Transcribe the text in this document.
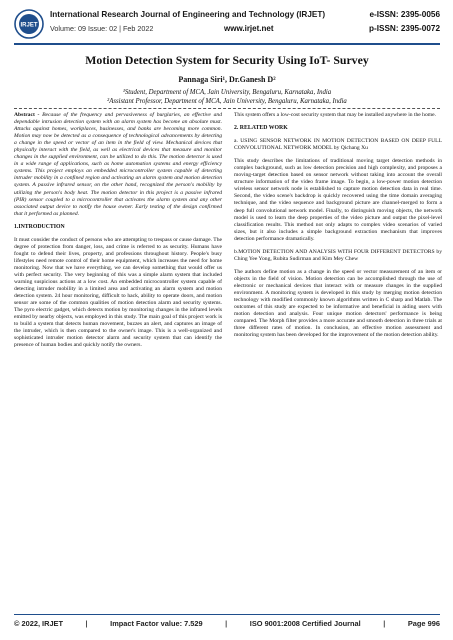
IRJET
International Research Journal of Engineering and Technology (IRJET)	e-ISSN: 2395-0056
Volume: 09 Issue: 02 | Feb 2022	www.irjet.net	p-ISSN: 2395-0072
Motion Detection System for Security Using IoT- Survey
Pannaga Siri¹, Dr.Ganesh D²
¹Student, Department of MCA, Jain University, Bengaluru, Karnataka, India
²Assistant Professor, Department of MCA, Jain University, Bengaluru, Karnataka, India

Abstract - Because of the frequency and pervasiveness of burglaries, an effective and dependable intrusion detection system with an alarm system has become an absolute must. Attacks against homes, workplaces, businesses, and banks are becoming more common. Motion may now be detected as a consequence of technological advancements by detecting a change in the speed or vector of an item in the field of view. Mechanical devices that physically interact with the field, as well as electrical devices that measure and monitor changes in the supplied environment, can be utilized to do this. The motion detector is used in a wide range of applications, such as home automation systems and energy efficiency systems. This project employs an embedded microcontroller system capable of detecting intruder mobility in a confined region and activating an alarm system and motion detection system. A passive infrared sensor, on the other hand, recognized the person's mobility by utilizing the person's body heat. The motion detector in this project is a passive infrared (PIR) sensor coupled to a microcontroller that activates the alarm system and any other associated output device to notify the house owner. Early testing of the design confirmed that it performed as planned.

1.INTRODUCTION

It must consider the conduct of persons who are attempting to trespass or cause damage. The degree of protection from danger, loss, and crime is referred to as security. Humans have fought to defend their lives, property, and professions throughout history. People's busy lifestyles need remote control of their home equipment, which increases the need for home monitoring. Now that we have everything, we can develop something that would offer us with perfect security. The very beginning of this was a simple alarm system that included warning suspicious actions at a low cost. An embedded microcontroller system capable of detecting intruder mobility in a limited area and activating an alarm system and motion detection system. 24 hour monitoring, difficult to hack, ability to operate doors, and motion sensor are some of the common qualities of motion detection alarm and security systems. The pyro electric gadget, which detects motion by monitoring changes in the infrared levels emitted by nearby objects, was employed in this study. The main goal of this project work is to build a system that detects human movement, buzzes an alert, and captures an image of the intruder, which is then compared to the owner's image. This is a well-organized and sophisticated intruder motion detector alarm and security system that can identify the presence of human bodies and quickly notify the owners.

This system offers a low-cost security system that may be installed anywhere in the home.

2. RELATED WORK

a. USING SENSOR NETWORK IN MOTION DETECTION BASED ON DEEP FULL CONVOLUTIONAL NETWORK MODEL by Qichang Xu

This study describes the limitations of traditional moving target detection methods in complex background, such as low detection precision and high complexity, and proposes a moving-target detection based on sensor network without taking into account the overall structure information of the video frame image. To begin, a low-power motion detection wireless sensor network node is established to capture motion detection data in real time. Second, the video scene's backdrop is quickly recovered using the time domain averaging technique, and the video sequence and background picture are channel-merged to form a deep full convolutional network model. Finally, to distinguish moving objects, the network model is used to learn the deep properties of the video picture and output the pixel-level classification results. This method not only adapts to complex video scenarios of varied sizes, but it also includes a simple background extraction mechanism that improves detection performance dramatically.

b.MOTION DETECTION AND ANALYSIS WITH FOUR DIFFERENT DETECTORS by Ching Yee Yong, Rubita Sudirman and Kim Mey Chew

The authors define motion as a change in the speed or vector measurement of an item or objects in the field of vision. Motion detection can be accomplished through the use of electronic or mechanical devices that interact with or measure changes in the supplied environment. A monitoring system is developed in this study by merging motion detection technology with modified commonly known algorithms written in C sharp and Matlab. The outcomes of this study are expected to be informative and beneficial in aiding users with motion detection and analysis. Four unique motion detectors' performance is being compared. The Morph filter provides a more accurate and smooth detection in three trials at three different rates of motion. In conclusion, an effective motion assessment and monitoring system has been developed for the improvement of the motion detection ability.

© 2022, IRJET	|	Impact Factor value: 7.529	|	ISO 9001:2008 Certified Journal	|	Page 996
